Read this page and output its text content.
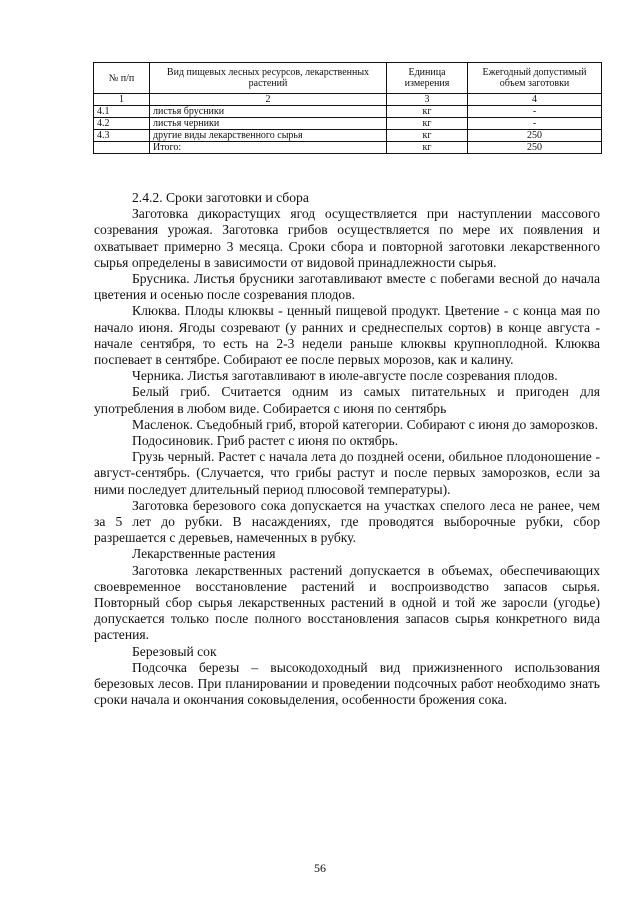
№ п/п	Вид пищевых лесных ресурсов, лекарственных растений	Единица измерения	Ежегодный допустимый объем заготовки
1	2	3	4
4.1	листья брусники	кг	-
4.2	листья черники	кг	-
4.3	другие виды лекарственного сырья	кг	250
	Итого:	кг	250

2.4.2. Сроки заготовки и сбора

Заготовка дикорастущих ягод осуществляется при наступлении массового созревания урожая. Заготовка грибов осуществляется по мере их появления и охватывает примерно 3 месяца. Сроки сбора и повторной заготовки лекарственного сырья определены в зависимости от видовой принадлежности сырья.

Брусника. Листья брусники заготавливают вместе с побегами весной до начала цветения и осенью после созревания плодов.

Клюква. Плоды клюквы - ценный пищевой продукт. Цветение - с конца мая по начало июня. Ягоды созревают (у ранних и среднеспелых сортов) в конце августа - начале сентября, то есть на 2-3 недели раньше клюквы крупноплодной. Клюква поспевает в сентябре. Собирают ее после первых морозов, как и калину.

Черника. Листья заготавливают в июле-августе после созревания плодов.

Белый гриб. Считается одним из самых питательных и пригоден для употребления в любом виде. Собирается с июня по сентябрь

Масленок. Съедобный гриб, второй категории. Собирают с июня до заморозков.

Подосиновик. Гриб растет с июня по октябрь.

Грузь черный. Растет с начала лета до поздней осени, обильное плодоношение - август-сентябрь. (Случается, что грибы растут и после первых заморозков, если за ними последует длительный период плюсовой температуры).

Заготовка березового сока допускается на участках спелого леса не ранее, чем за 5 лет до рубки. В насаждениях, где проводятся выборочные рубки, сбор разрешается с деревьев, намеченных в рубку.

Лекарственные растения

Заготовка лекарственных растений допускается в объемах, обеспечивающих своевременное восстановление растений и воспроизводство запасов сырья. Повторный сбор сырья лекарственных растений в одной и той же заросли (угодье) допускается только после полного восстановления запасов сырья конкретного вида растения.

Березовый сок

Подсочка березы – высокодоходный вид прижизненного использования березовых лесов. При планировании и проведении подсочных работ необходимо знать сроки начала и окончания соковыделения, особенности брожения сока.

56
